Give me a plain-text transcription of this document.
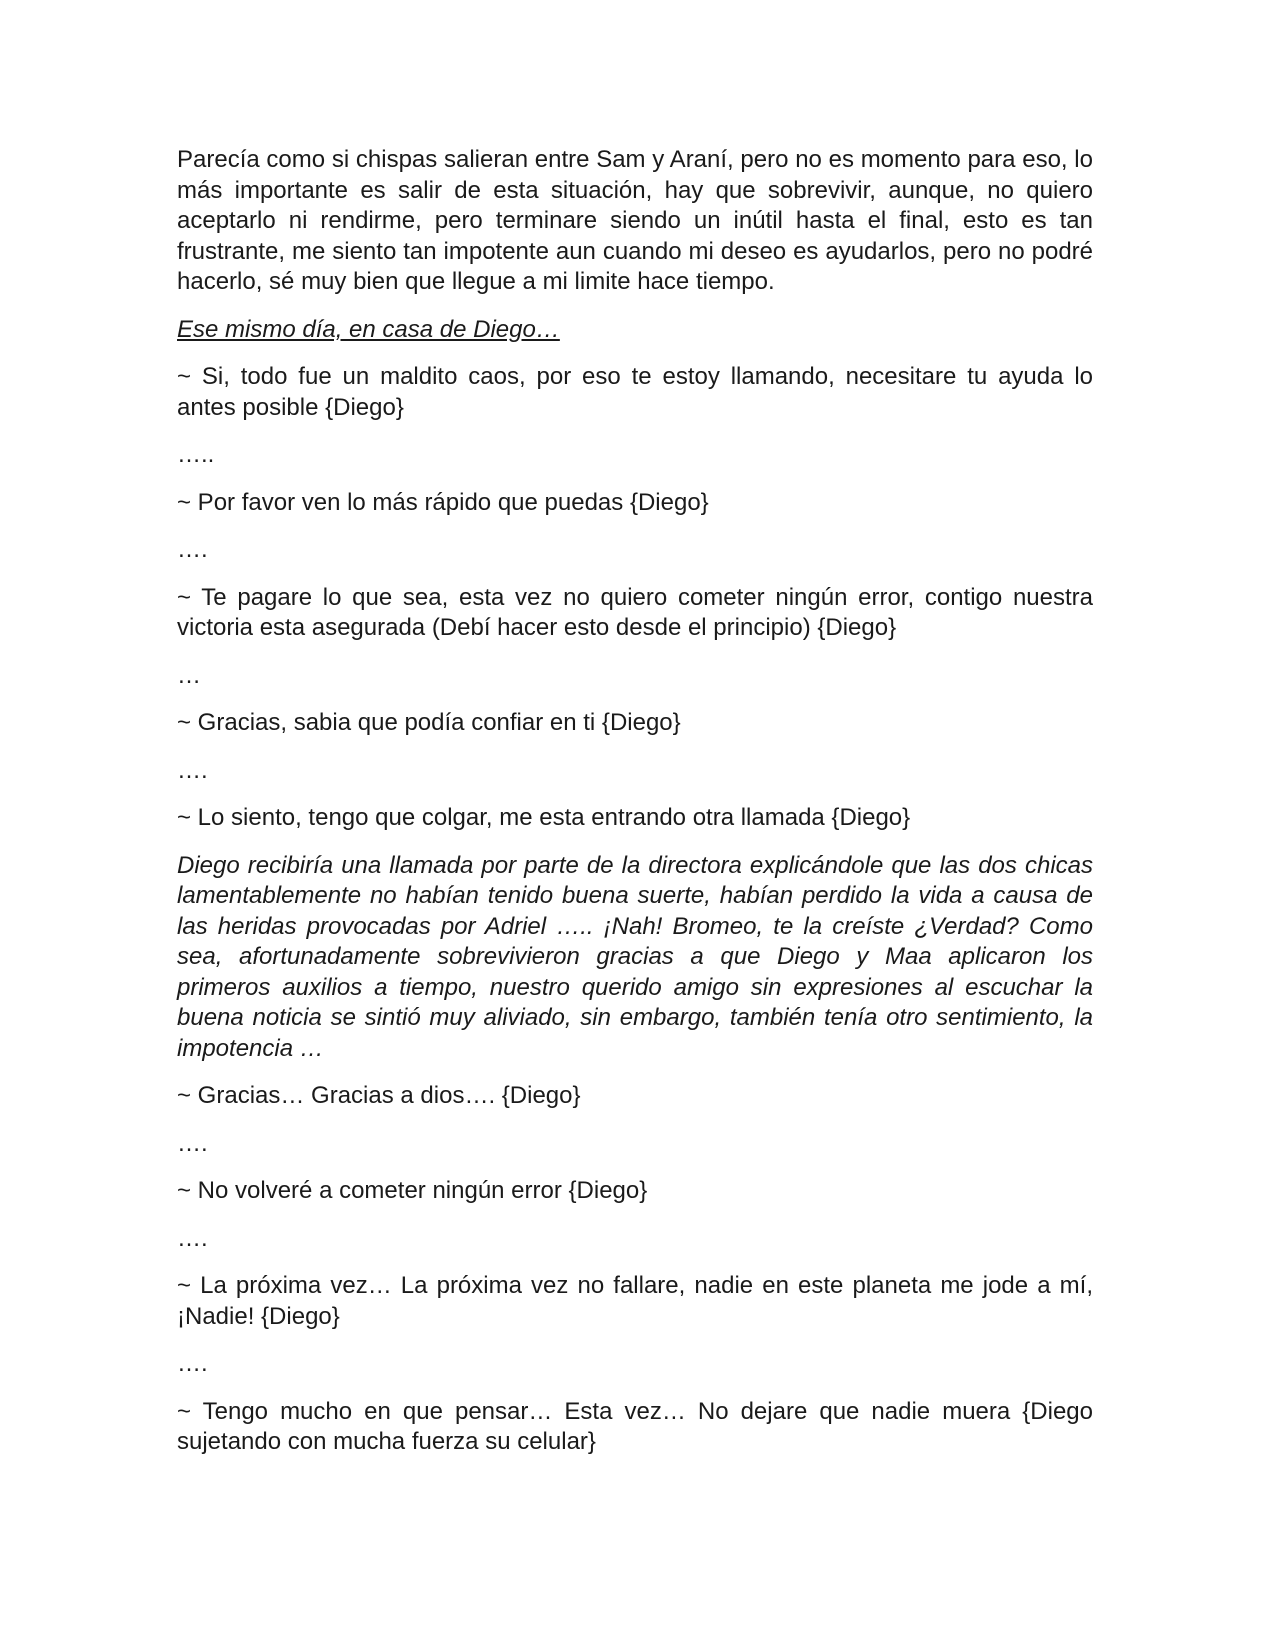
Parecía como si chispas salieran entre Sam y Araní, pero no es momento para eso, lo más importante es salir de esta situación, hay que sobrevivir, aunque, no quiero aceptarlo ni rendirme, pero terminare siendo un inútil hasta el final, esto es tan frustrante, me siento tan impotente aun cuando mi deseo es ayudarlos, pero no podré hacerlo, sé muy bien que llegue a mi limite hace tiempo.

Ese mismo día, en casa de Diego…

~ Si, todo fue un maldito caos, por eso te estoy llamando, necesitare tu ayuda lo antes posible {Diego}

…..

~ Por favor ven lo más rápido que puedas {Diego}

….

~ Te pagare lo que sea, esta vez no quiero cometer ningún error, contigo nuestra victoria esta asegurada (Debí hacer esto desde el principio) {Diego}

…

~ Gracias, sabia que podía confiar en ti {Diego}

….

~ Lo siento, tengo que colgar, me esta entrando otra llamada {Diego}

Diego recibiría una llamada por parte de la directora explicándole que las dos chicas lamentablemente no habían tenido buena suerte, habían perdido la vida a causa de las heridas provocadas por Adriel ….. ¡Nah! Bromeo, te la creíste ¿Verdad? Como sea, afortunadamente sobrevivieron gracias a que Diego y Maa aplicaron los primeros auxilios a tiempo, nuestro querido amigo sin expresiones al escuchar la buena noticia se sintió muy aliviado, sin embargo, también tenía otro sentimiento, la impotencia …

~ Gracias… Gracias a dios…. {Diego}

….

~ No volveré a cometer ningún error {Diego}

….

~ La próxima vez… La próxima vez no fallare, nadie en este planeta me jode a mí, ¡Nadie! {Diego}

….

~ Tengo mucho en que pensar… Esta vez… No dejare que nadie muera {Diego sujetando con mucha fuerza su celular}
